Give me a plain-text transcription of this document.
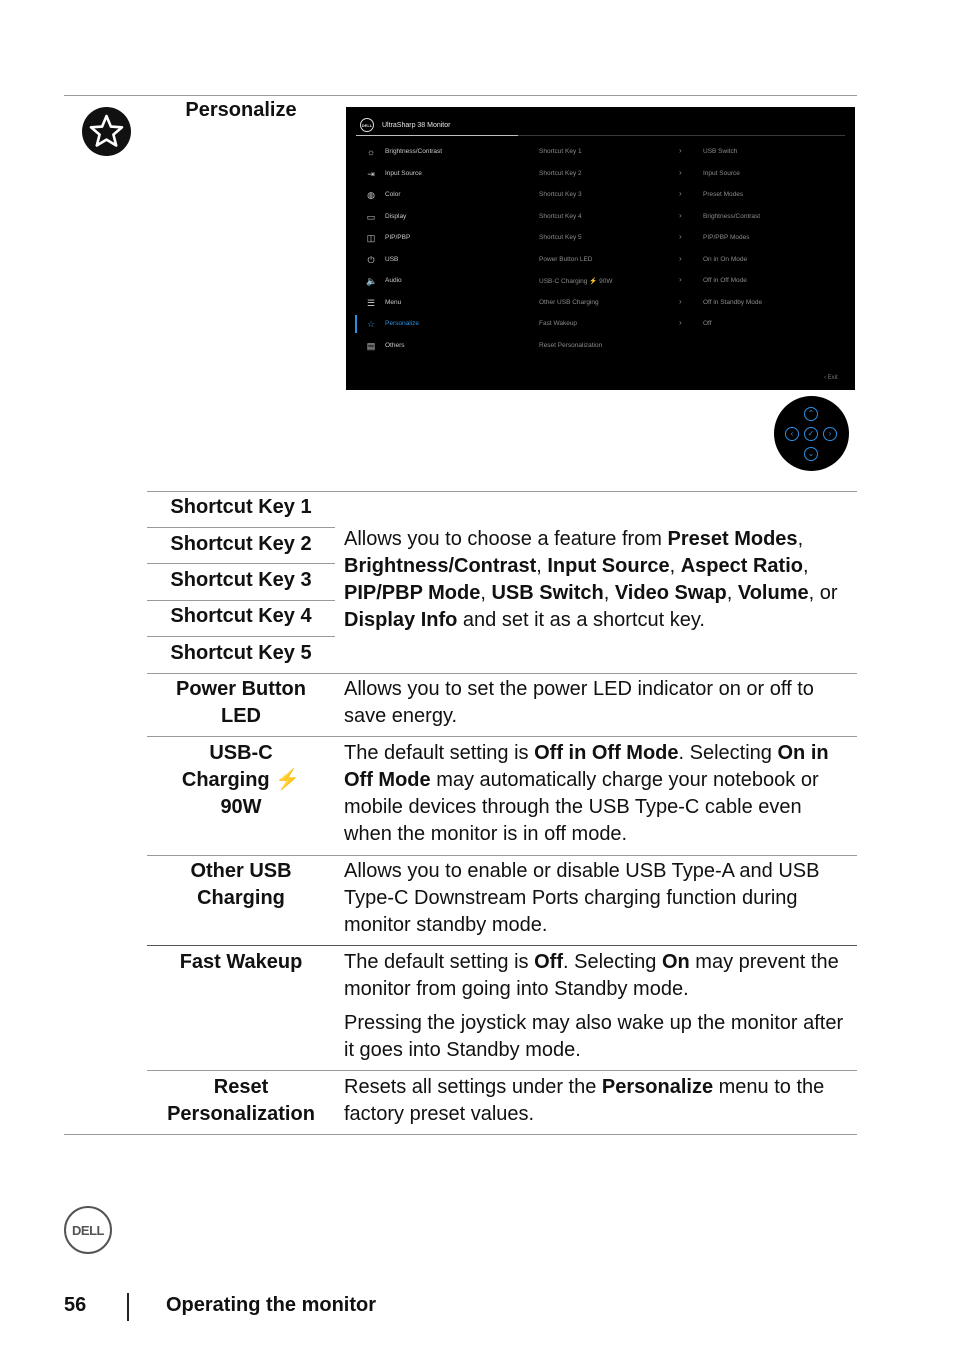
Personalize
DELL UltraSharp 38 Monitor
☼ Brightness/Contrast	Shortcut Key 1	›	USB Switch
⇥ Input Source	Shortcut Key 2	›	Input Source
◍ Color	Shortcut Key 3	›	Preset Modes
▭ Display	Shortcut Key 4	›	Brightness/Contrast
◫ PIP/PBP	Shortcut Key 5	›	PIP/PBP Modes
⏻ USB	Power Button LED	›	On in On Mode
🔈 Audio	USB-C Charging ⚡ 90W	›	Off in Off Mode
☰ Menu	Other USB Charging	›	Off in Standby Mode
☆ Personalize	Fast Wakeup	›	Off
▤ Others	Reset Personalization
‹ Exit
⌃
‹	✓	›
⌄
Shortcut Key 1
Shortcut Key 2
Shortcut Key 3
Shortcut Key 4
Shortcut Key 5
Allows you to choose a feature from Preset Modes, Brightness/Contrast, Input Source, Aspect Ratio, PIP/PBP Mode, USB Switch, Video Swap, Volume, or Display Info and set it as a shortcut key.
Power Button
LED
Allows you to set the power LED indicator on or off to save energy.
USB-C
Charging ⚡
90W
The default setting is Off in Off Mode. Selecting On in Off Mode may automatically charge your notebook or mobile devices through the USB Type-C cable even when the monitor is in off mode.
Other USB
Charging
Allows you to enable or disable USB Type-A and USB Type-C Downstream Ports charging function during monitor standby mode.
Fast Wakeup	The default setting is Off. Selecting On may prevent the monitor from going into Standby mode.
Pressing the joystick may also wake up the monitor after it goes into Standby mode.
Reset
Personalization
Resets all settings under the Personalize menu to the factory preset values.
DELL
56	Operating the monitor
